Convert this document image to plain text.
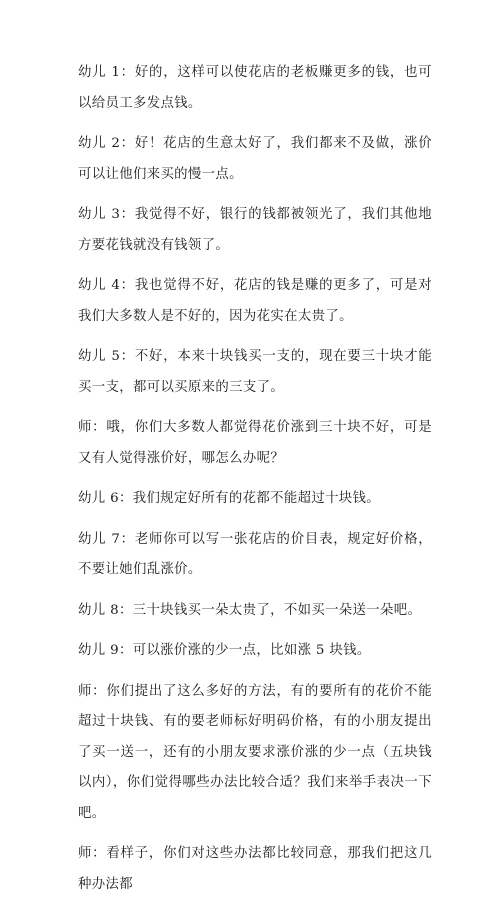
幼儿 1：好的，这样可以使花店的老板赚更多的钱，也可以给员工多发点钱。

幼儿 2：好！花店的生意太好了，我们都来不及做，涨价可以让他们来买的慢一点。

幼儿 3：我觉得不好，银行的钱都被领光了，我们其他地方要花钱就没有钱领了。

幼儿 4：我也觉得不好，花店的钱是赚的更多了，可是对我们大多数人是不好的，因为花实在太贵了。

幼儿 5：不好，本来十块钱买一支的，现在要三十块才能买一支，都可以买原来的三支了。

师：哦，你们大多数人都觉得花价涨到三十块不好，可是又有人觉得涨价好，哪怎么办呢？

幼儿 6：我们规定好所有的花都不能超过十块钱。

幼儿 7：老师你可以写一张花店的价目表，规定好价格，不要让她们乱涨价。

幼儿 8：三十块钱买一朵太贵了，不如买一朵送一朵吧。

幼儿 9：可以涨价涨的少一点，比如涨 5 块钱。

师：你们提出了这么多好的方法，有的要所有的花价不能超过十块钱、有的要老师标好明码价格，有的小朋友提出了买一送一，还有的小朋友要求涨价涨的少一点（五块钱以内），你们觉得哪些办法比较合适？我们来举手表决一下吧。

师：看样子，你们对这些办法都比较同意，那我们把这几种办法都
